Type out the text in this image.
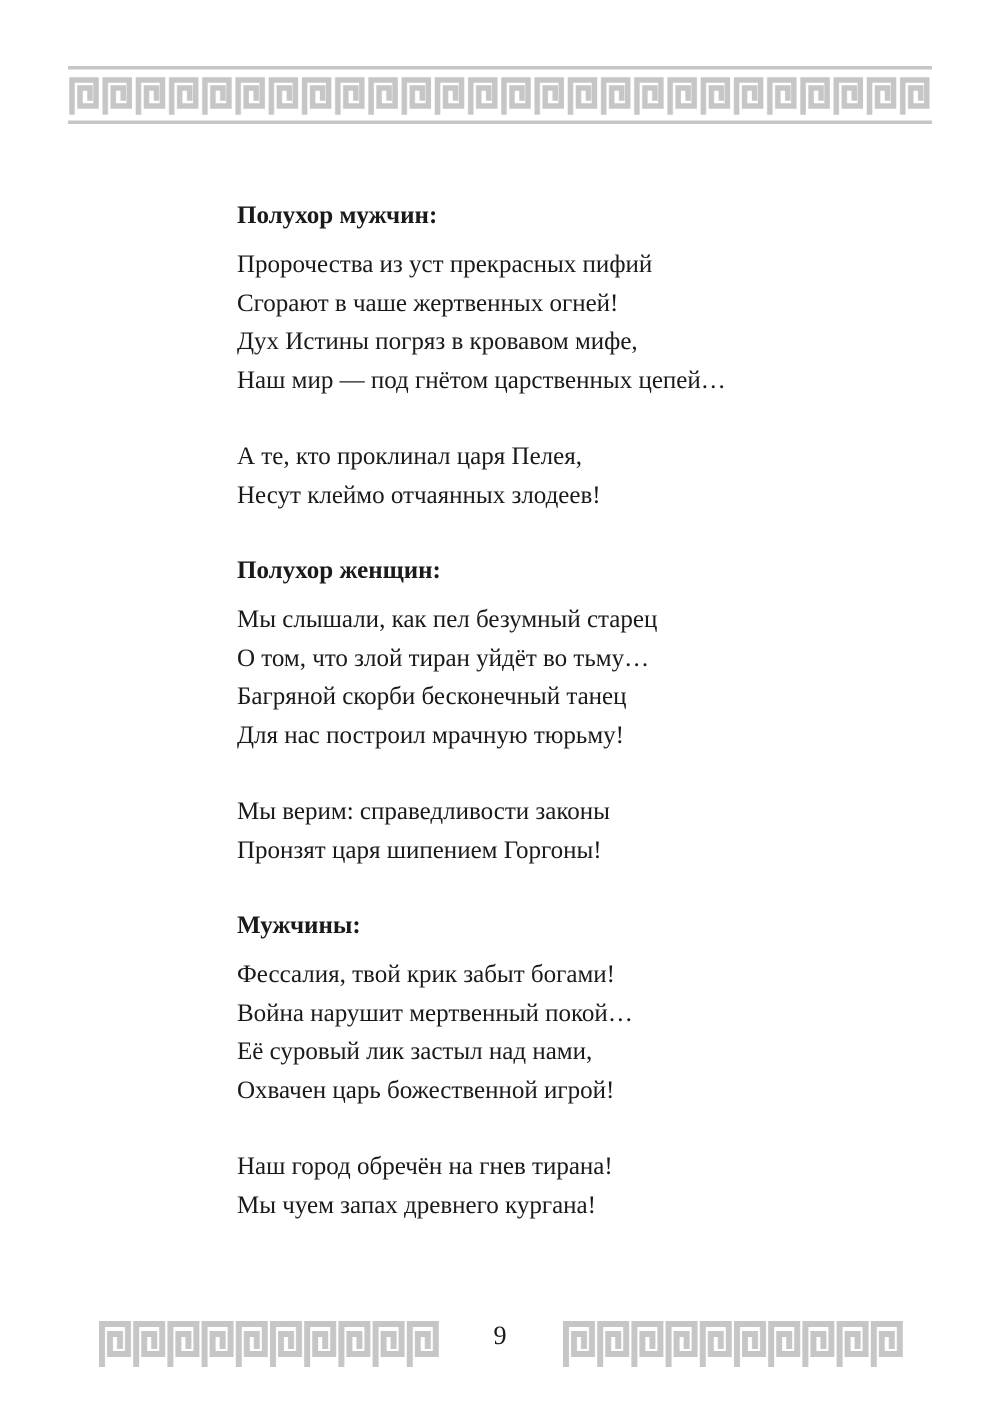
Полухор мужчин:
Пророчества из уст прекрасных пифий
Сгорают в чаше жертвенных огней!
Дух Истины погряз в кровавом мифе,
Наш мир — под гнётом царственных цепей…
А те, кто проклинал царя Пелея,
Несут клеймо отчаянных злодеев!
Полухор женщин:
Мы слышали, как пел безумный старец
О том, что злой тиран уйдёт во тьму…
Багряной скорби бесконечный танец
Для нас построил мрачную тюрьму!
Мы верим: справедливости законы
Пронзят царя шипением Горгоны!
Мужчины:
Фессалия, твой крик забыт богами!
Война нарушит мертвенный покой…
Её суровый лик застыл над нами,
Охвачен царь божественной игрой!
Наш город обречён на гнев тирана!
Мы чуем запах древнего кургана!
9
